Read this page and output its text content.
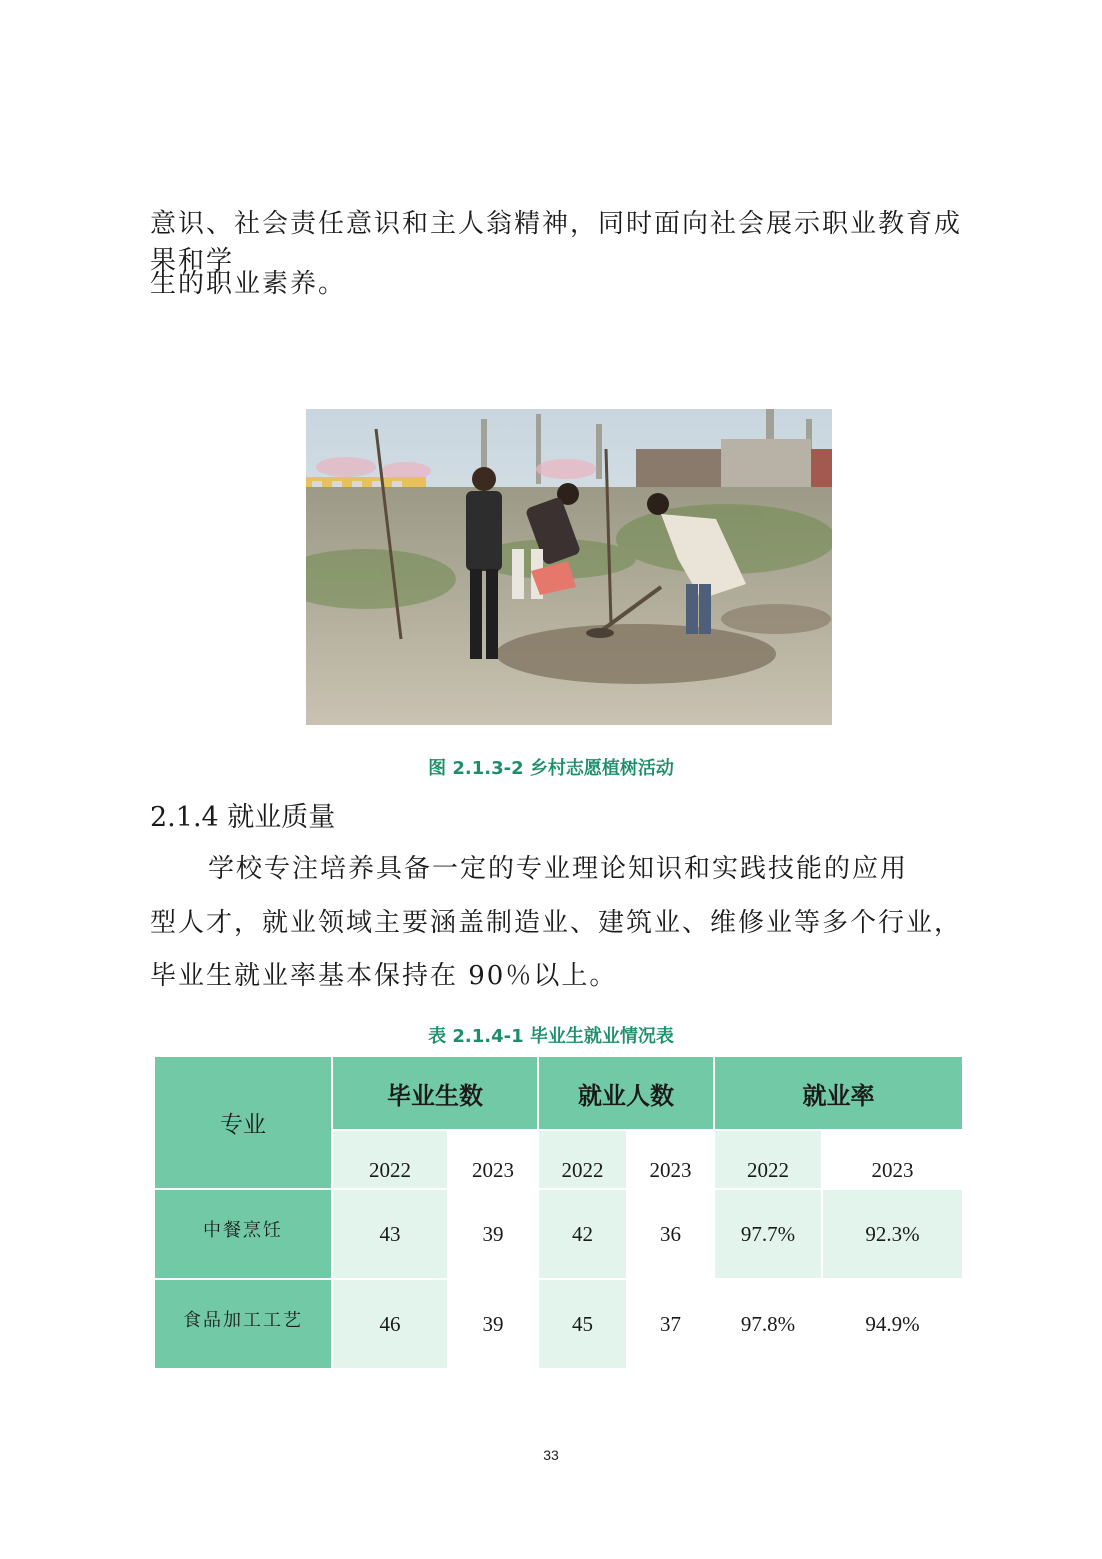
意识、社会责任意识和主人翁精神，同时面向社会展示职业教育成果和学
生的职业素养。
图 2.1.3-2 乡村志愿植树活动
2.1.4 就业质量
学校专注培养具备一定的专业理论知识和实践技能的应用
型人才，就业领域主要涵盖制造业、建筑业、维修业等多个行业，
毕业生就业率基本保持在 90％以上。
表 2.1.4-1 毕业生就业情况表
专业	毕业生数		就业人数		就业率	
	2022	2023	2022	2023	2022	2023
中餐烹饪	43	39	42	36	97.7%	92.3%
食品加工工艺	46	39	45	37	97.8%	94.9%
33
